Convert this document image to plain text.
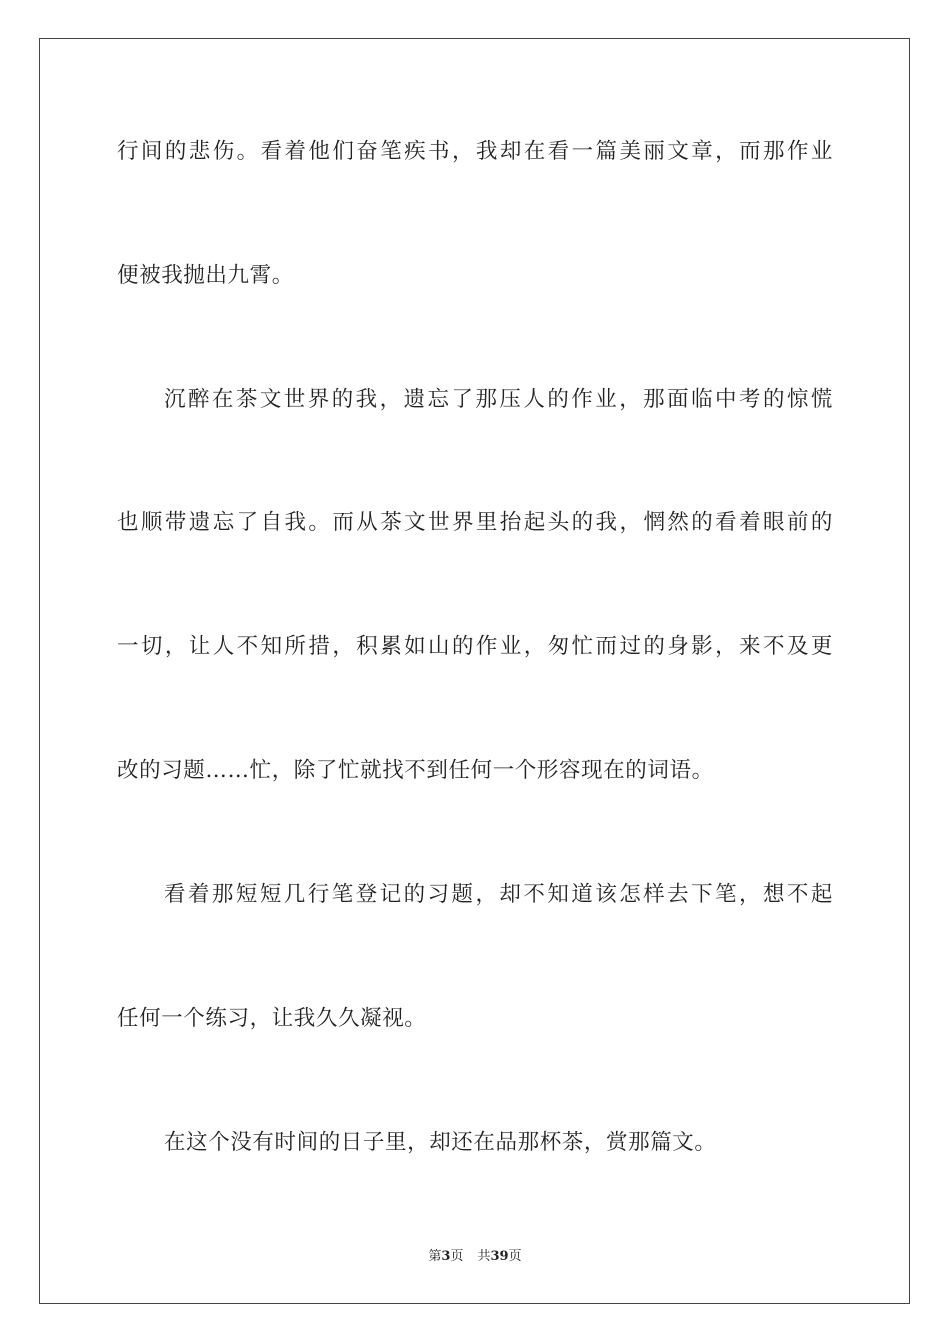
行间的悲伤。看着他们奋笔疾书，我却在看一篇美丽文章，而那作业
便被我抛出九霄。
沉醉在茶文世界的我，遗忘了那压人的作业，那面临中考的惊慌
也顺带遗忘了自我。而从茶文世界里抬起头的我，惘然的看着眼前的
一切，让人不知所措，积累如山的作业，匆忙而过的身影，来不及更
改的习题……忙，除了忙就找不到任何一个形容现在的词语。
看着那短短几行笔登记的习题，却不知道该怎样去下笔，想不起
任何一个练习，让我久久凝视。
在这个没有时间的日子里，却还在品那杯茶，赏那篇文。
第3页 共39页
